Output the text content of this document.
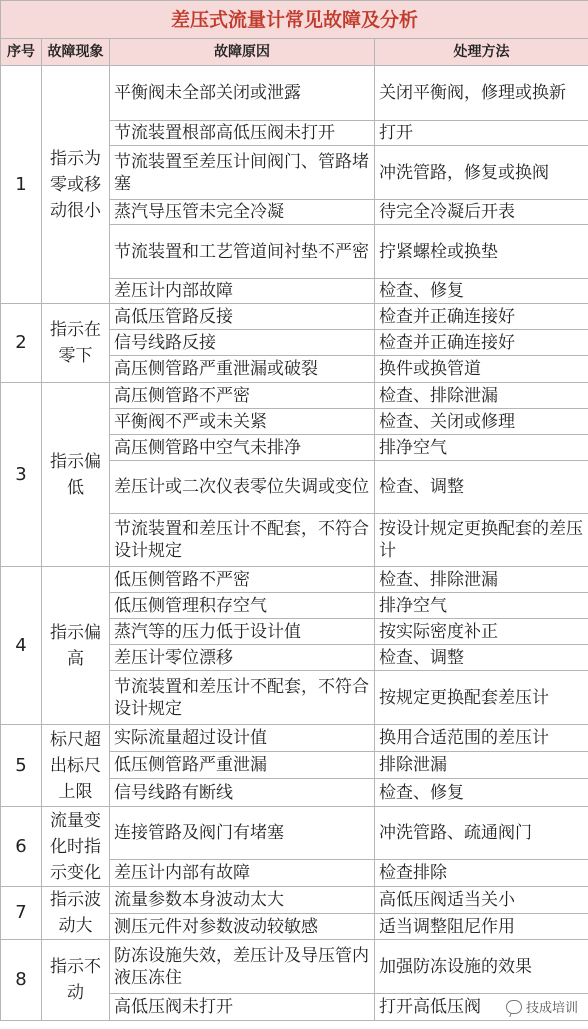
差压式流量计常见故障及分析			
序号	故障现象	故障原因	处理方法
1	指示为零或移动很小	平衡阀未全部关闭或泄露	关闭平衡阀，修理或换新
		节流装置根部高低压阀未打开	打开
		节流装置至差压计间阀门、管路堵塞	冲洗管路，修复或换阀
		蒸汽导压管未完全冷凝	待完全冷凝后开表
		节流装置和工艺管道间衬垫不严密	拧紧螺栓或换垫
		差压计内部故障	检查、修复
2	指示在零下	高低压管路反接	检查并正确连接好
		信号线路反接	检查并正确连接好
		高压侧管路严重泄漏或破裂	换件或换管道
3	指示偏低	高压侧管路不严密	检查、排除泄漏
		平衡阀不严或未关紧	检查、关闭或修理
		高压侧管路中空气未排净	排净空气
		差压计或二次仪表零位失调或变位	检查、调整
		节流装置和差压计不配套，不符合设计规定	按设计规定更换配套的差压计
4	指示偏高	低压侧管路不严密	检查、排除泄漏
		低压侧管理积存空气	排净空气
		蒸汽等的压力低于设计值	按实际密度补正
		差压计零位漂移	检查、调整
		节流装置和差压计不配套，不符合设计规定	按规定更换配套差压计
5	标尺超出标尺上限	实际流量超过设计值	换用合适范围的差压计
		低压侧管路严重泄漏	排除泄漏
		信号线路有断线	检查、修复
6	流量变化时指示变化	连接管路及阀门有堵塞	冲洗管路、疏通阀门
		差压计内部有故障	检查排除
7	指示波动大	流量参数本身波动太大	高低压阀适当关小
		测压元件对参数波动较敏感	适当调整阻尼作用
8	指示不动	防冻设施失效，差压计及导压管内液压冻住	加强防冻设施的效果
		高低压阀未打开	打开高低压阀	技成培训
